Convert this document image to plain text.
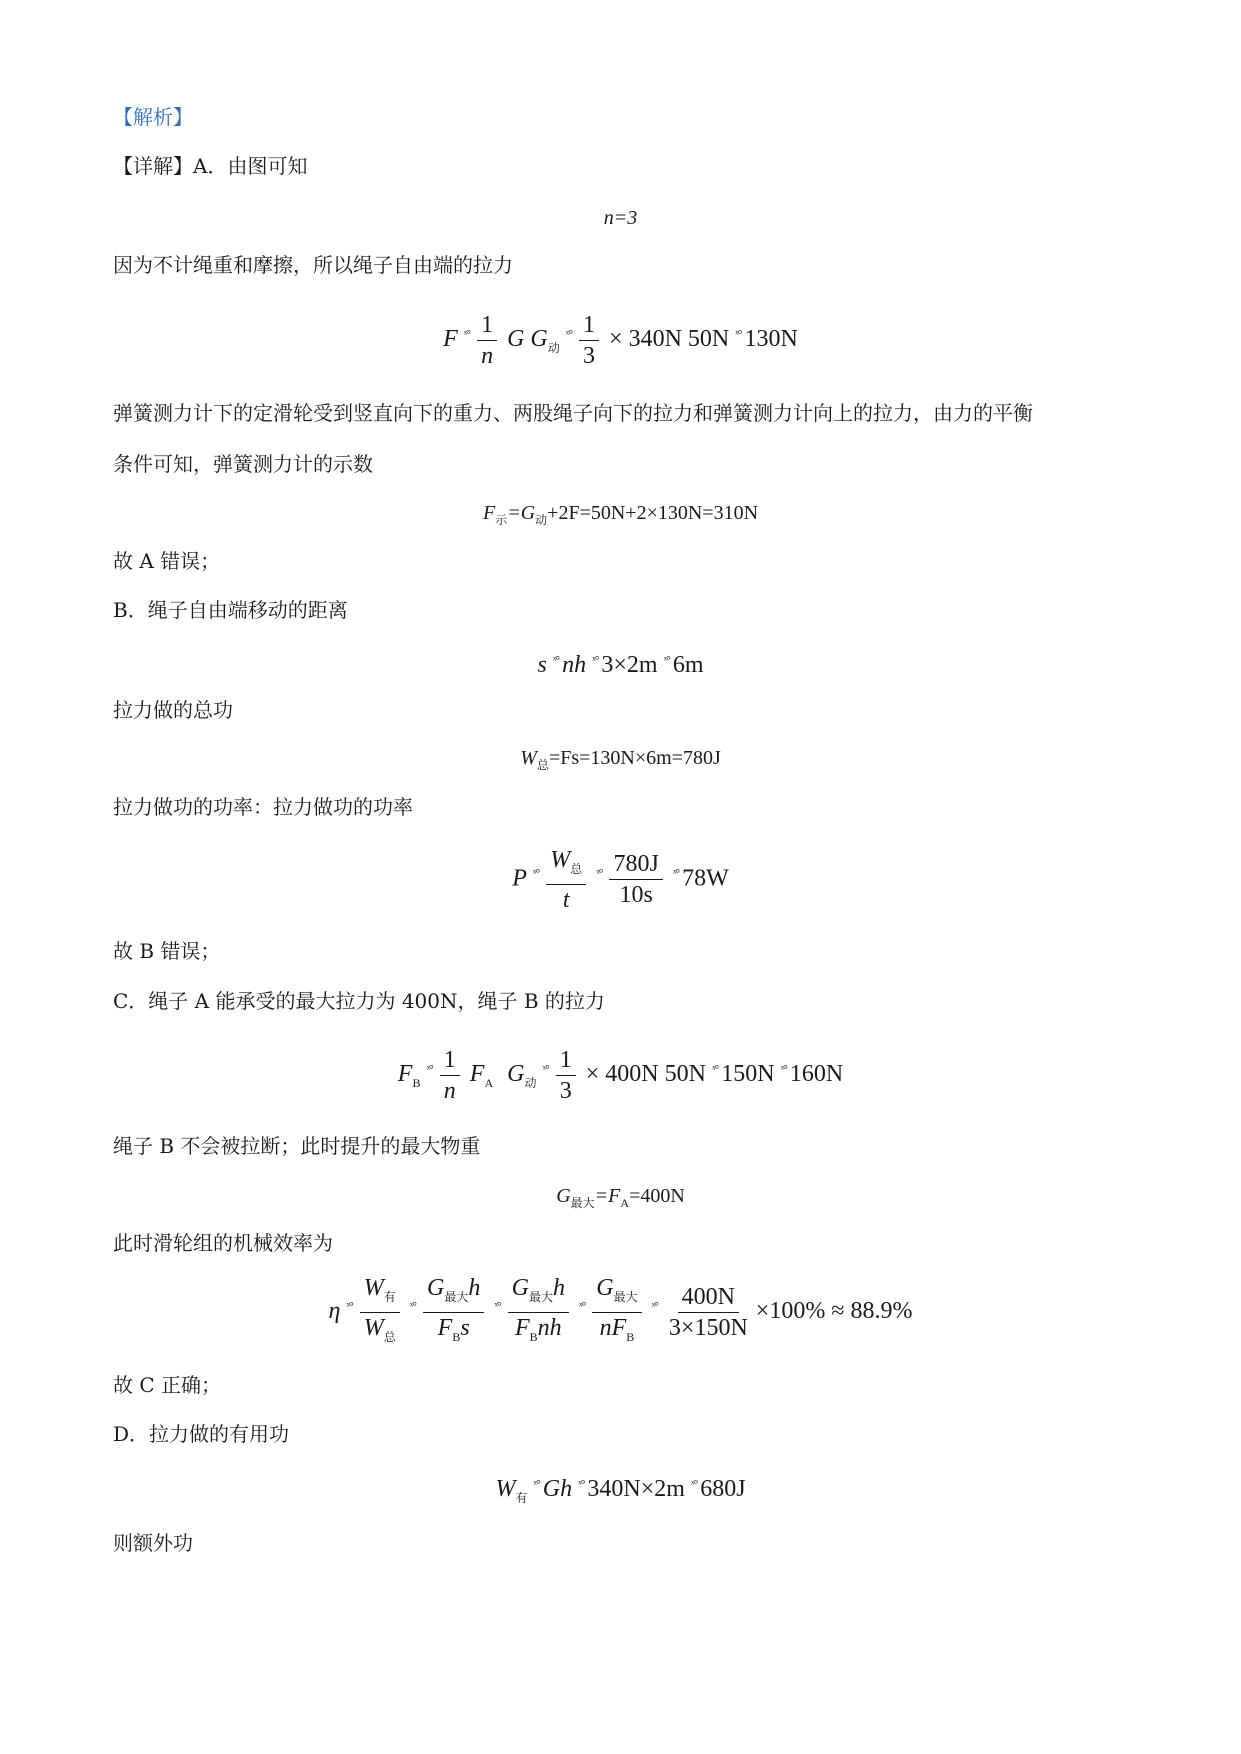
【解析】
【详解】A．由图可知
n=3
因为不计绳重和摩擦，所以绳子自由端的拉力
F $^{ˣ^\circ} \frac{1}{n}$ G $G_动^{ˣ^\circ} \frac{1}{3} \times 340N$ 50N $^{ˣ^\circ}$ 130N
弹簧测力计下的定滑轮受到竖直向下的重力、两股绳子向下的拉力和弹簧测力计向上的拉力，由力的平衡
条件可知，弹簧测力计的示数
$F_示=G_动+2F=50N+2\times 130N=310N$
故 A 错误；
B．绳子自由端移动的距离
s $^{ˣ^\circ}$ nh $^{ˣ^\circ}$ 3×2m $^{ˣ^\circ}$ 6m
拉力做的总功
$W_总=Fs=130N\times 6m=780J$
拉力做功的功率：拉力做功的功率
P $^{ˣ^\circ} \frac{W_总}{t} ^{ˣ^\circ} \frac{780J}{10s} ^{ˣ^\circ}$ 78W
故 B 错误；
C．绳子 A 能承受的最大拉力为 400N，绳子 B 的拉力
$F_B^{ˣ^\circ} \frac{1}{n} F_A$ $G_动^{ˣ^\circ} \frac{1}{3} \times 400N$ 50N $^{ˣ^\circ}$ 150N $^{ˣ^\circ}$ 160N
绳子 B 不会被拉断；此时提升的最大物重
$G_{最大}=F_A=400N$
此时滑轮组的机械效率为
η $^{ˣ^\circ} \frac{W_有}{W_总} ^{ˣ^\circ} \frac{G_{最大}h}{F_Bs} ^{ˣ^\circ} \frac{G_{最大}h}{F_Bnh} ^{ˣ^\circ} \frac{G_{最大}}{nF_B} ^{ˣ^\circ} \frac{400N}{3\times 150N} \times 100\% \approx 88.9\%$
故 C 正确；
D．拉力做的有用功
$W_有^{ˣ^\circ}$ Gh $^{ˣ^\circ}$ 340N×2m $^{ˣ^\circ}$ 680J
则额外功
